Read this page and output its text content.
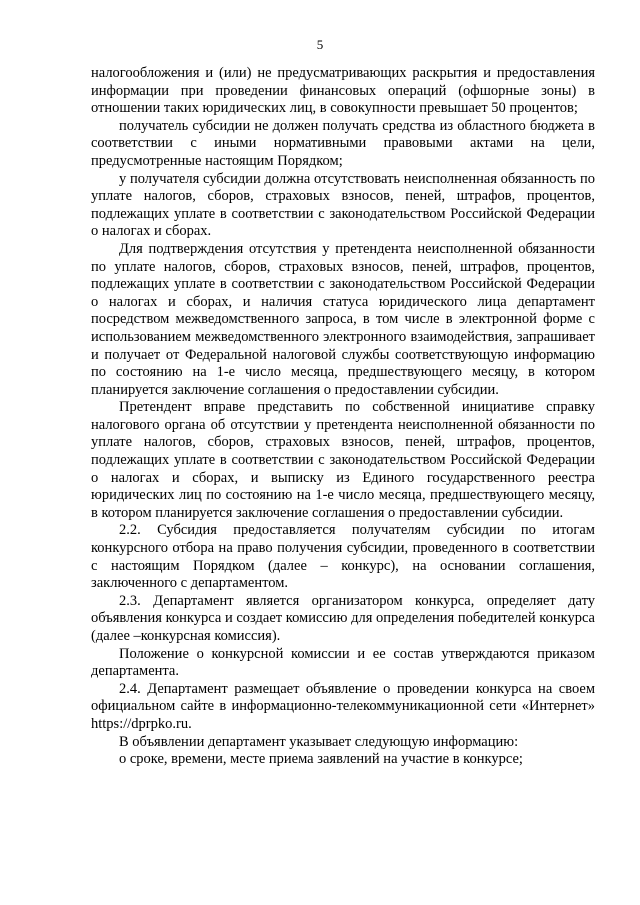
5

налогообложения и (или) не предусматривающих раскрытия и предоставления информации при проведении финансовых операций (офшорные зоны) в отношении таких юридических лиц, в совокупности превышает 50 процентов;

получатель субсидии не должен получать средства из областного бюджета в соответствии с иными нормативными правовыми актами на цели, предусмотренные настоящим Порядком;

у получателя субсидии должна отсутствовать неисполненная обязанность по уплате налогов, сборов, страховых взносов, пеней, штрафов, процентов, подлежащих уплате в соответствии с законодательством Российской Федерации о налогах и сборах.

Для подтверждения отсутствия у претендента неисполненной обязанности по уплате налогов, сборов, страховых взносов, пеней, штрафов, процентов, подлежащих уплате в соответствии с законодательством Российской Федерации о налогах и сборах, и наличия статуса юридического лица департамент посредством межведомственного запроса, в том числе в электронной форме с использованием межведомственного электронного взаимодействия, запрашивает и получает от Федеральной налоговой службы соответствующую информацию по состоянию на 1-е число месяца, предшествующего месяцу, в котором планируется заключение соглашения о предоставлении субсидии.

Претендент вправе представить по собственной инициативе справку налогового органа об отсутствии у претендента неисполненной обязанности по уплате налогов, сборов, страховых взносов, пеней, штрафов, процентов, подлежащих уплате в соответствии с законодательством Российской Федерации о налогах и сборах, и выписку из Единого государственного реестра юридических лиц по состоянию на 1-е число месяца, предшествующего месяцу, в котором планируется заключение соглашения о предоставлении субсидии.

2.2. Субсидия предоставляется получателям субсидии по итогам конкурсного отбора на право получения субсидии, проведенного в соответствии с настоящим Порядком (далее – конкурс), на основании соглашения, заключенного с департаментом.

2.3. Департамент является организатором конкурса, определяет дату объявления конкурса и создает комиссию для определения победителей конкурса (далее –конкурсная комиссия).

Положение о конкурсной комиссии и ее состав утверждаются приказом департамента.

2.4. Департамент размещает объявление о проведении конкурса на своем официальном сайте в информационно-телекоммуникационной сети «Интернет» https://dprpko.ru.

В объявлении департамент указывает следующую информацию:

о сроке, времени, месте приема заявлений на участие в конкурсе;
